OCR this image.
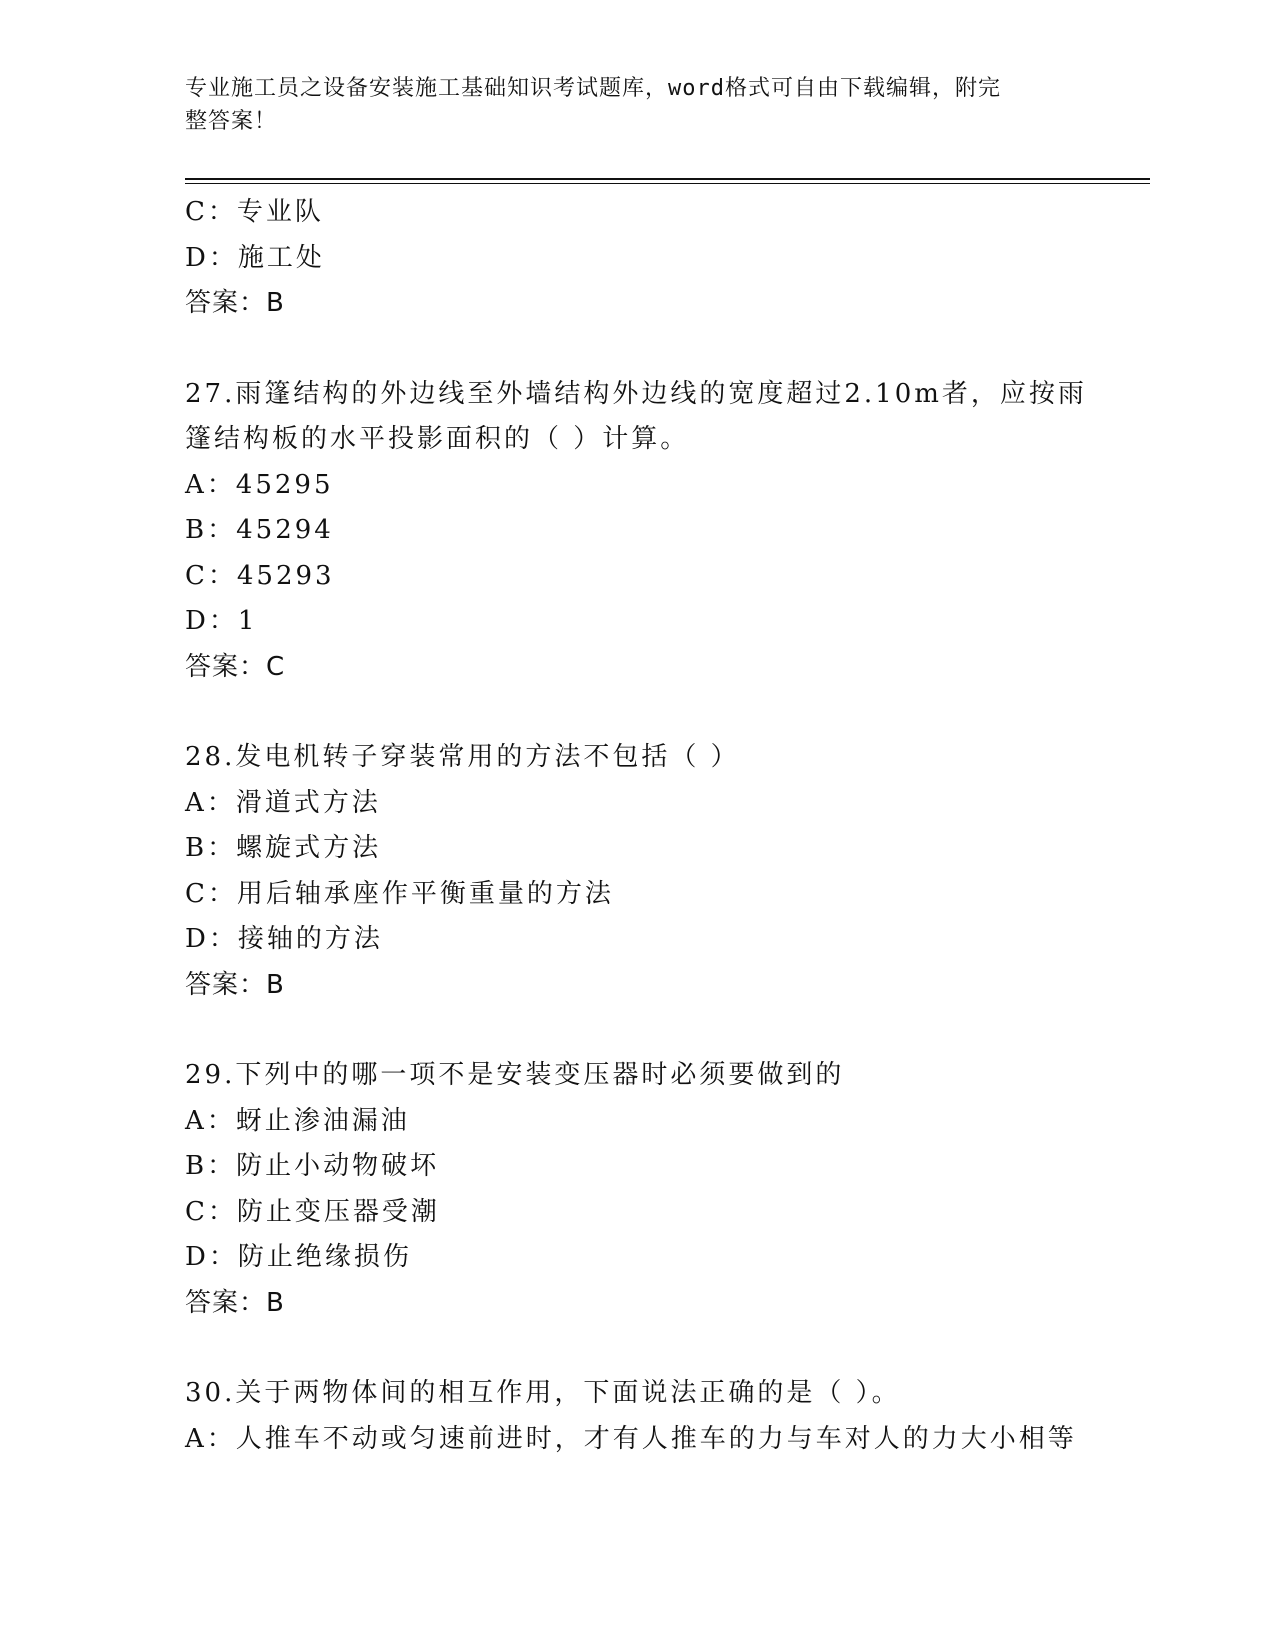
专业施工员之设备安装施工基础知识考试题库，word格式可自由下载编辑，附完
整答案！
C：专业队
D：施工处
答案：B
27.雨篷结构的外边线至外墙结构外边线的宽度超过2.10m者，应按雨
篷结构板的水平投影面积的（ ）计算。
A：45295
B：45294
C：45293
D：1
答案：C
28.发电机转子穿装常用的方法不包括（ ）
A：滑道式方法
B：螺旋式方法
C：用后轴承座作平衡重量的方法
D：接轴的方法
答案：B
29.下列中的哪一项不是安装变压器时必须要做到的
A：蚜止渗油漏油
B：防止小动物破坏
C：防止变压器受潮
D：防止绝缘损伤
答案：B
30.关于两物体间的相互作用，下面说法正确的是（ ）。
A：人推车不动或匀速前进时，才有人推车的力与车对人的力大小相等
